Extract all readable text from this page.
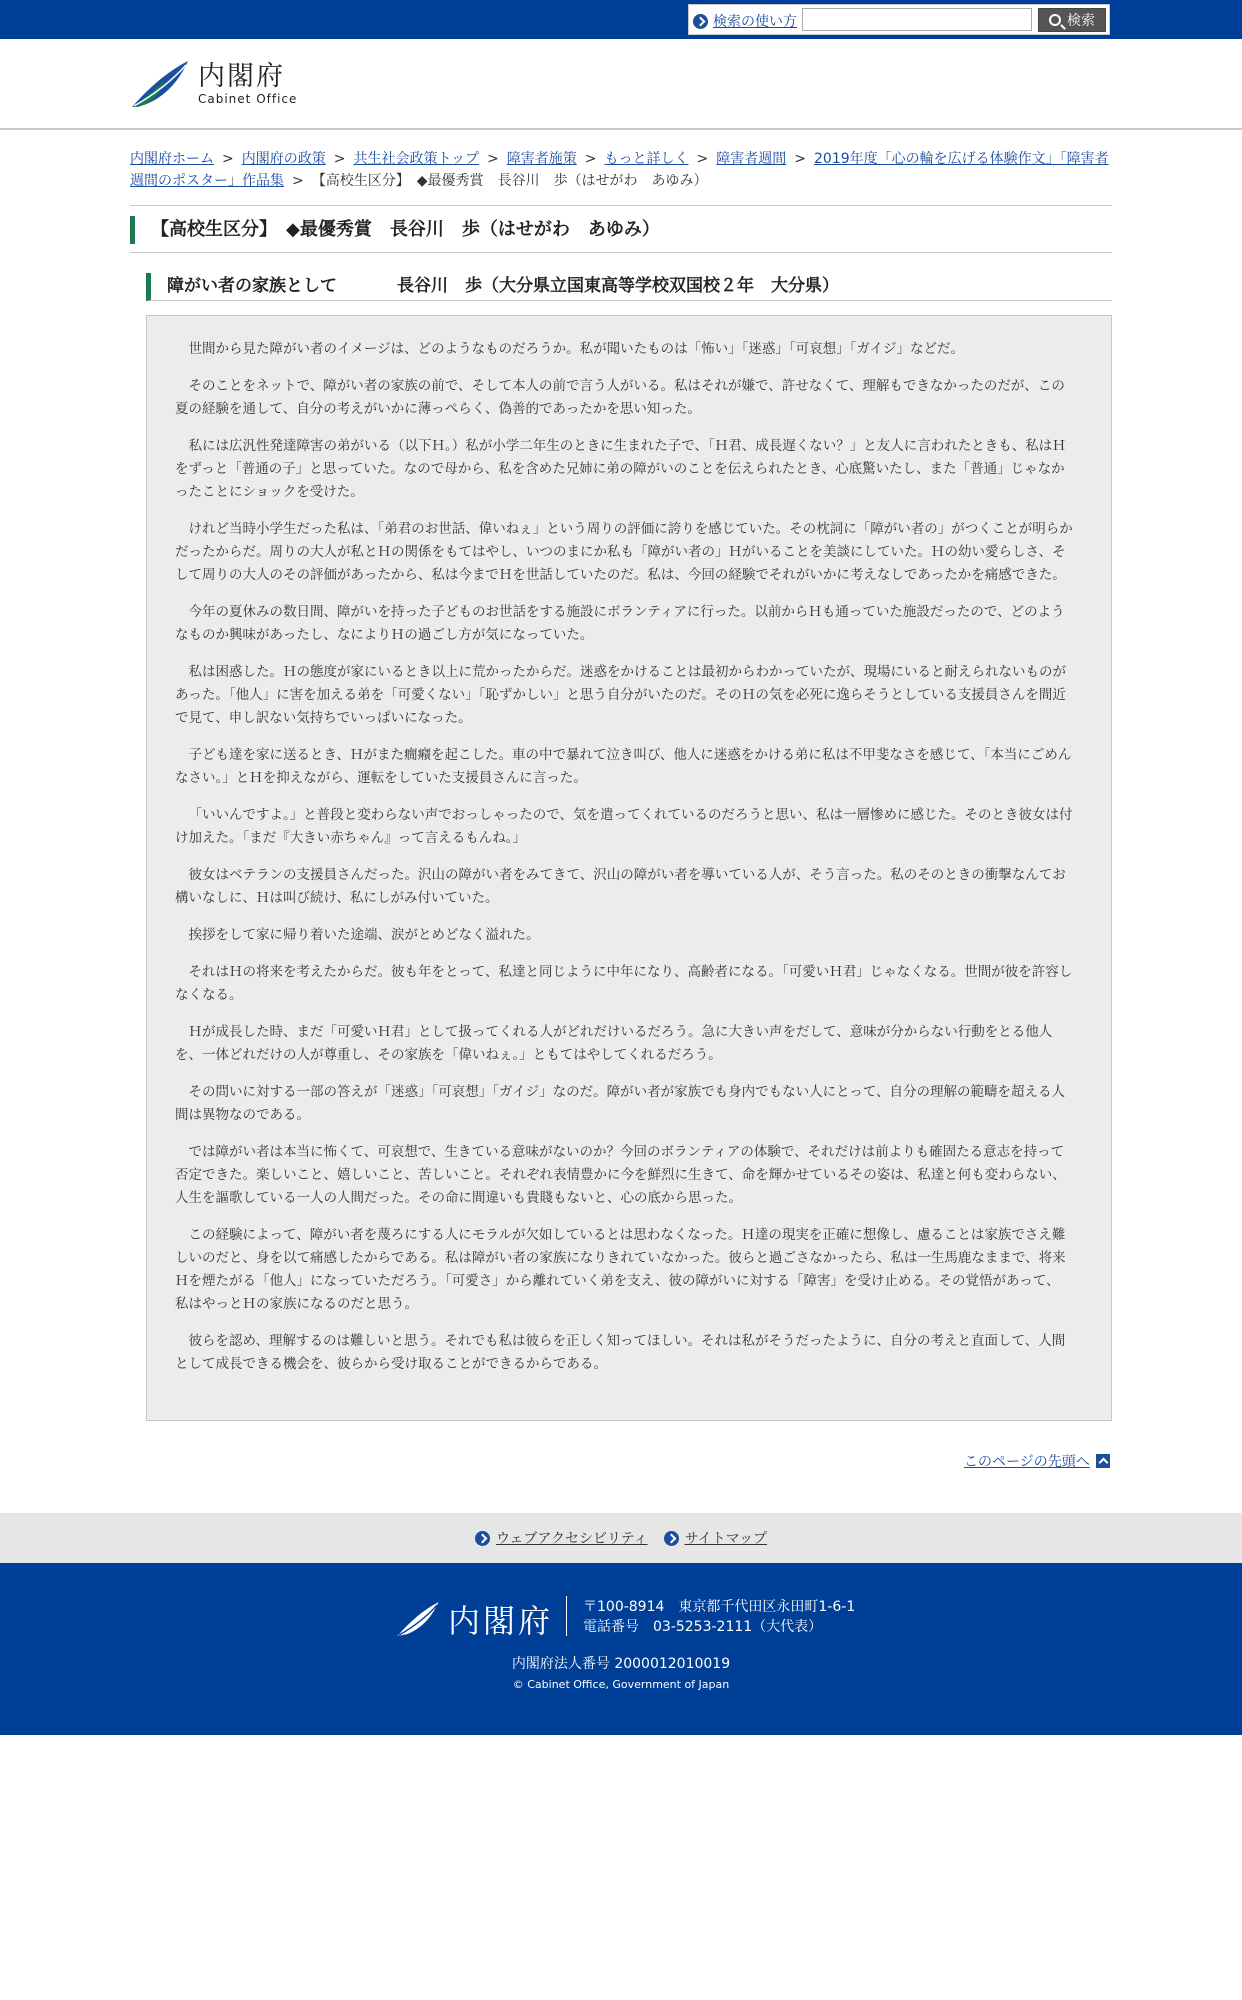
検索の使い方	検索
内閣府
Cabinet Office
内閣府ホーム > 内閣府の政策 > 共生社会政策トップ > 障害者施策 > もっと詳しく > 障害者週間 > 2019年度「心の輪を広げる体験作文」「障害者週間のポスター」作品集 > 【高校生区分】　◆最優秀賞　長谷川　歩（はせがわ　あゆみ）
【高校生区分】　◆最優秀賞　長谷川　歩（はせがわ　あゆみ）
障がい者の家族として	長谷川　歩（大分県立国東高等学校双国校２年　大分県）

世間から見た障がい者のイメージは、どのようなものだろうか。私が聞いたものは「怖い」「迷惑」「可哀想」「ガイジ」などだ。

そのことをネットで、障がい者の家族の前で、そして本人の前で言う人がいる。私はそれが嫌で、許せなくて、理解もできなかったのだが、この夏の経験を通して、自分の考えがいかに薄っぺらく、偽善的であったかを思い知った。

私には広汎性発達障害の弟がいる（以下Ｈ。）私が小学二年生のときに生まれた子で、「Ｈ君、成長遅くない？」と友人に言われたときも、私はＨをずっと「普通の子」と思っていた。なので母から、私を含めた兄姉に弟の障がいのことを伝えられたとき、心底驚いたし、また「普通」じゃなかったことにショックを受けた。

けれど当時小学生だった私は、「弟君のお世話、偉いねぇ」という周りの評価に誇りを感じていた。その枕詞に「障がい者の」がつくことが明らかだったからだ。周りの大人が私とＨの関係をもてはやし、いつのまにか私も「障がい者の」Ｈがいることを美談にしていた。Ｈの幼い愛らしさ、そして周りの大人のその評価があったから、私は今までＨを世話していたのだ。私は、今回の経験でそれがいかに考えなしであったかを痛感できた。

今年の夏休みの数日間、障がいを持った子どものお世話をする施設にボランティアに行った。以前からＨも通っていた施設だったので、どのようなものか興味があったし、なによりＨの過ごし方が気になっていた。

私は困惑した。Ｈの態度が家にいるとき以上に荒かったからだ。迷惑をかけることは最初からわかっていたが、現場にいると耐えられないものがあった。「他人」に害を加える弟を「可愛くない」「恥ずかしい」と思う自分がいたのだ。そのＨの気を必死に逸らそうとしている支援員さんを間近で見て、申し訳ない気持ちでいっぱいになった。

子ども達を家に送るとき、Ｈがまた癇癪を起こした。車の中で暴れて泣き叫び、他人に迷惑をかける弟に私は不甲斐なさを感じて、「本当にごめんなさい。」とＨを抑えながら、運転をしていた支援員さんに言った。

「いいんですよ。」と普段と変わらない声でおっしゃったので、気を遣ってくれているのだろうと思い、私は一層惨めに感じた。そのとき彼女は付け加えた。「まだ『大きい赤ちゃん』って言えるもんね。」

彼女はベテランの支援員さんだった。沢山の障がい者をみてきて、沢山の障がい者を導いている人が、そう言った。私のそのときの衝撃なんてお構いなしに、Ｈは叫び続け、私にしがみ付いていた。

挨拶をして家に帰り着いた途端、涙がとめどなく溢れた。

それはＨの将来を考えたからだ。彼も年をとって、私達と同じように中年になり、高齢者になる。「可愛いＨ君」じゃなくなる。世間が彼を許容しなくなる。

Ｈが成長した時、まだ「可愛いＨ君」として扱ってくれる人がどれだけいるだろう。急に大きい声をだして、意味が分からない行動をとる他人を、一体どれだけの人が尊重し、その家族を「偉いねぇ。」ともてはやしてくれるだろう。

その問いに対する一部の答えが「迷惑」「可哀想」「ガイジ」なのだ。障がい者が家族でも身内でもない人にとって、自分の理解の範疇を超える人間は異物なのである。

では障がい者は本当に怖くて、可哀想で、生きている意味がないのか？今回のボランティアの体験で、それだけは前よりも確固たる意志を持って否定できた。楽しいこと、嬉しいこと、苦しいこと。それぞれ表情豊かに今を鮮烈に生きて、命を輝かせているその姿は、私達と何も変わらない、人生を謳歌している一人の人間だった。その命に間違いも貴賤もないと、心の底から思った。

この経験によって、障がい者を蔑ろにする人にモラルが欠如しているとは思わなくなった。Ｈ達の現実を正確に想像し、慮ることは家族でさえ難しいのだと、身を以て痛感したからである。私は障がい者の家族になりきれていなかった。彼らと過ごさなかったら、私は一生馬鹿なままで、将来Ｈを煙たがる「他人」になっていただろう。「可愛さ」から離れていく弟を支え、彼の障がいに対する「障害」を受け止める。その覚悟があって、私はやっとＨの家族になるのだと思う。

彼らを認め、理解するのは難しいと思う。それでも私は彼らを正しく知ってほしい。それは私がそうだったように、自分の考えと直面して、人間として成長できる機会を、彼らから受け取ることができるからである。

このページの先頭へ
ウェブアクセシビリティ	サイトマップ
内閣府 〒100-8914　東京都千代田区永田町1-6-1
電話番号　03-5253-2111（大代表）
内閣府法人番号 2000012010019
© Cabinet Office, Government of Japan
